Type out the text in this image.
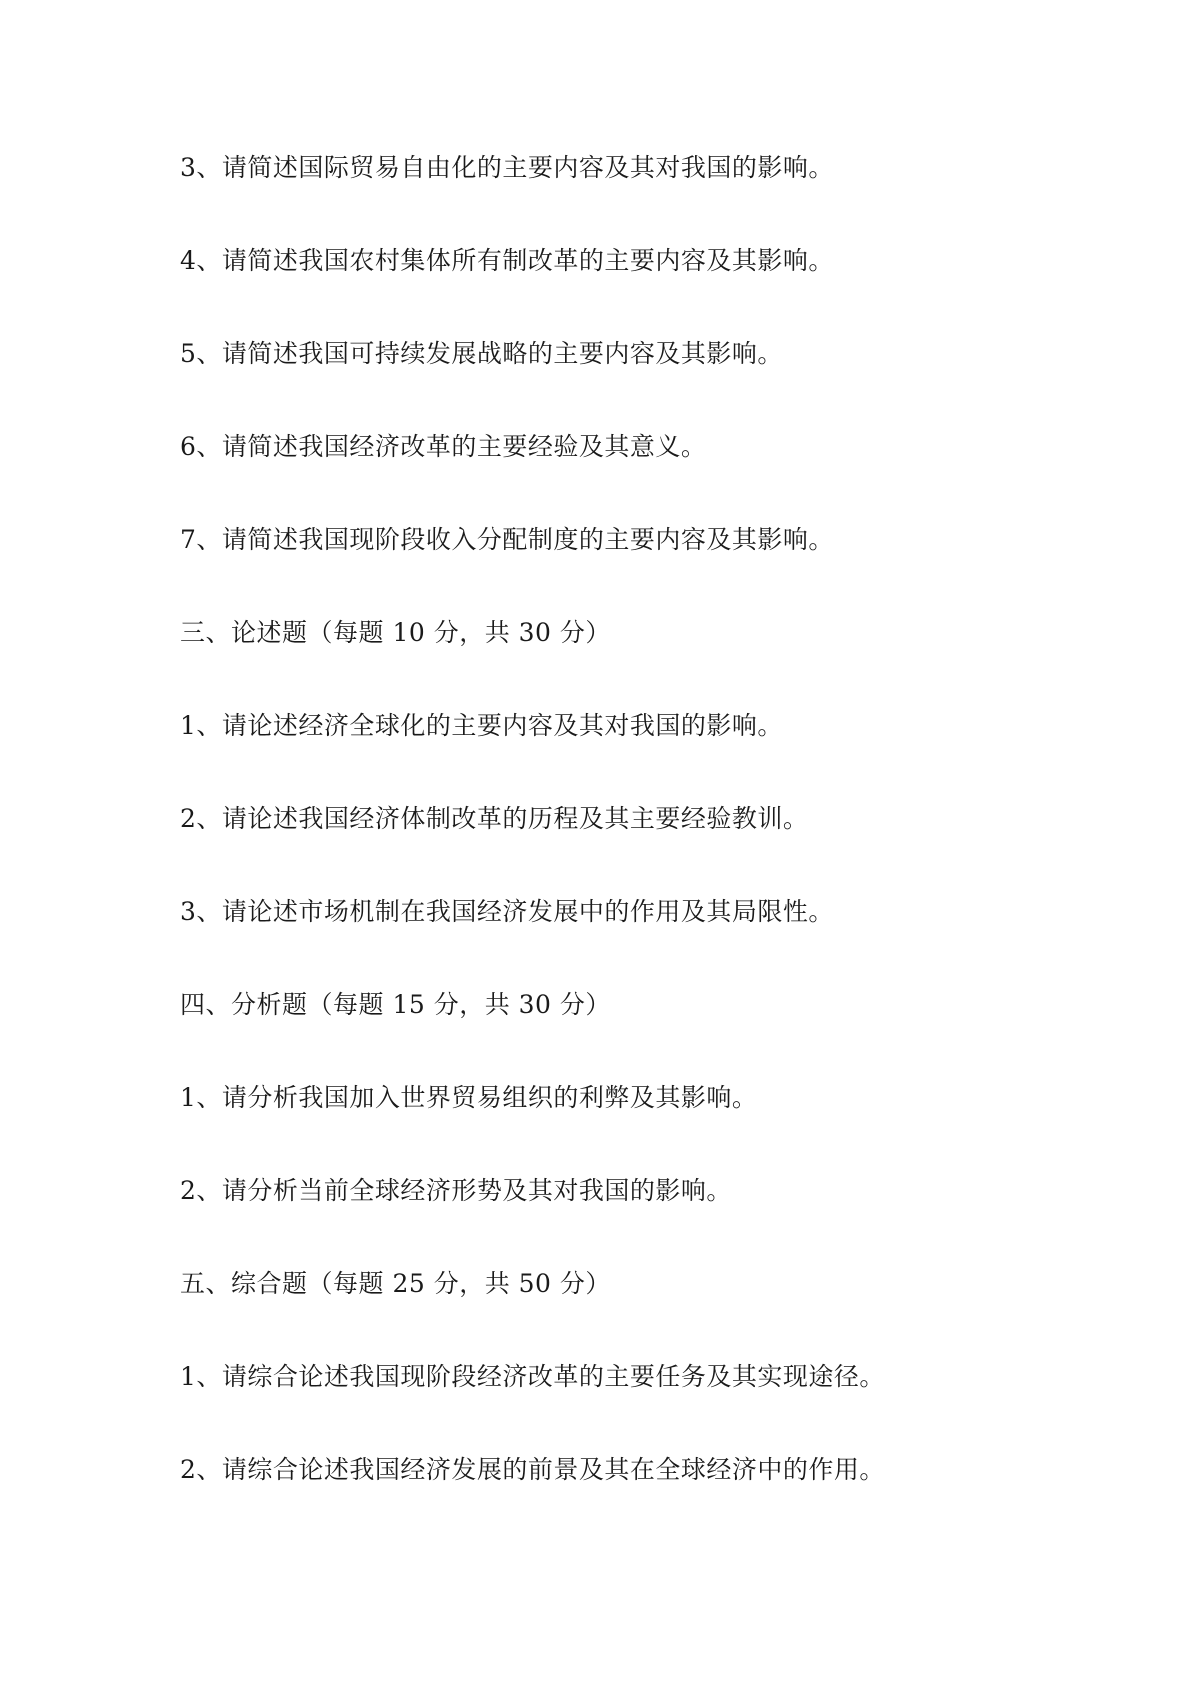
3、请简述国际贸易自由化的主要内容及其对我国的影响。
4、请简述我国农村集体所有制改革的主要内容及其影响。
5、请简述我国可持续发展战略的主要内容及其影响。
6、请简述我国经济改革的主要经验及其意义。
7、请简述我国现阶段收入分配制度的主要内容及其影响。
三、论述题（每题 10 分，共 30 分）
1、请论述经济全球化的主要内容及其对我国的影响。
2、请论述我国经济体制改革的历程及其主要经验教训。
3、请论述市场机制在我国经济发展中的作用及其局限性。
四、分析题（每题 15 分，共 30 分）
1、请分析我国加入世界贸易组织的利弊及其影响。
2、请分析当前全球经济形势及其对我国的影响。
五、综合题（每题 25 分，共 50 分）
1、请综合论述我国现阶段经济改革的主要任务及其实现途径。
2、请综合论述我国经济发展的前景及其在全球经济中的作用。
